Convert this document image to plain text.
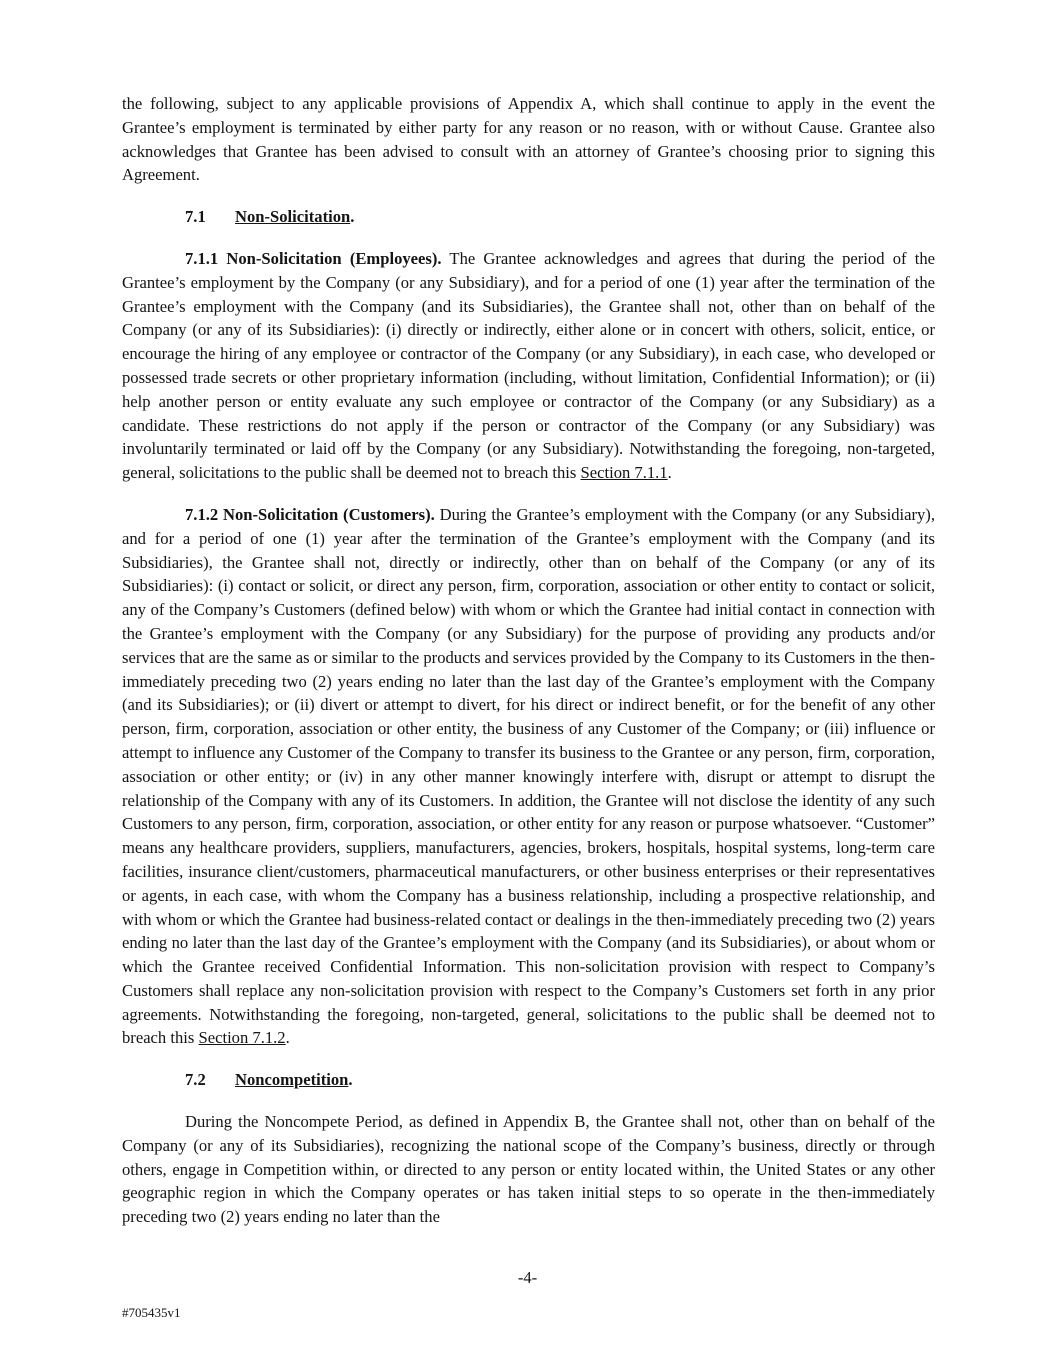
the following, subject to any applicable provisions of Appendix A, which shall continue to apply in the event the Grantee’s employment is terminated by either party for any reason or no reason, with or without Cause. Grantee also acknowledges that Grantee has been advised to consult with an attorney of Grantee’s choosing prior to signing this Agreement.

7.1 Non-Solicitation.

7.1.1 Non-Solicitation (Employees). The Grantee acknowledges and agrees that during the period of the Grantee’s employment by the Company (or any Subsidiary), and for a period of one (1) year after the termination of the Grantee’s employment with the Company (and its Subsidiaries), the Grantee shall not, other than on behalf of the Company (or any of its Subsidiaries): (i) directly or indirectly, either alone or in concert with others, solicit, entice, or encourage the hiring of any employee or contractor of the Company (or any Subsidiary), in each case, who developed or possessed trade secrets or other proprietary information (including, without limitation, Confidential Information); or (ii) help another person or entity evaluate any such employee or contractor of the Company (or any Subsidiary) as a candidate. These restrictions do not apply if the person or contractor of the Company (or any Subsidiary) was involuntarily terminated or laid off by the Company (or any Subsidiary). Notwithstanding the foregoing, non-targeted, general, solicitations to the public shall be deemed not to breach this Section 7.1.1.

7.1.2 Non-Solicitation (Customers). During the Grantee’s employment with the Company (or any Subsidiary), and for a period of one (1) year after the termination of the Grantee’s employment with the Company (and its Subsidiaries), the Grantee shall not, directly or indirectly, other than on behalf of the Company (or any of its Subsidiaries): (i) contact or solicit, or direct any person, firm, corporation, association or other entity to contact or solicit, any of the Company’s Customers (defined below) with whom or which the Grantee had initial contact in connection with the Grantee’s employment with the Company (or any Subsidiary) for the purpose of providing any products and/or services that are the same as or similar to the products and services provided by the Company to its Customers in the then-immediately preceding two (2) years ending no later than the last day of the Grantee’s employment with the Company (and its Subsidiaries); or (ii) divert or attempt to divert, for his direct or indirect benefit, or for the benefit of any other person, firm, corporation, association or other entity, the business of any Customer of the Company; or (iii) influence or attempt to influence any Customer of the Company to transfer its business to the Grantee or any person, firm, corporation, association or other entity; or (iv) in any other manner knowingly interfere with, disrupt or attempt to disrupt the relationship of the Company with any of its Customers. In addition, the Grantee will not disclose the identity of any such Customers to any person, firm, corporation, association, or other entity for any reason or purpose whatsoever. “Customer” means any healthcare providers, suppliers, manufacturers, agencies, brokers, hospitals, hospital systems, long-term care facilities, insurance client/customers, pharmaceutical manufacturers, or other business enterprises or their representatives or agents, in each case, with whom the Company has a business relationship, including a prospective relationship, and with whom or which the Grantee had business-related contact or dealings in the then-immediately preceding two (2) years ending no later than the last day of the Grantee’s employment with the Company (and its Subsidiaries), or about whom or which the Grantee received Confidential Information. This non-solicitation provision with respect to Company’s Customers shall replace any non-solicitation provision with respect to the Company’s Customers set forth in any prior agreements. Notwithstanding the foregoing, non-targeted, general, solicitations to the public shall be deemed not to breach this Section 7.1.2.

7.2 Noncompetition.

During the Noncompete Period, as defined in Appendix B, the Grantee shall not, other than on behalf of the Company (or any of its Subsidiaries), recognizing the national scope of the Company’s business, directly or through others, engage in Competition within, or directed to any person or entity located within, the United States or any other geographic region in which the Company operates or has taken initial steps to so operate in the then-immediately preceding two (2) years ending no later than the

-4-
#705435v1
